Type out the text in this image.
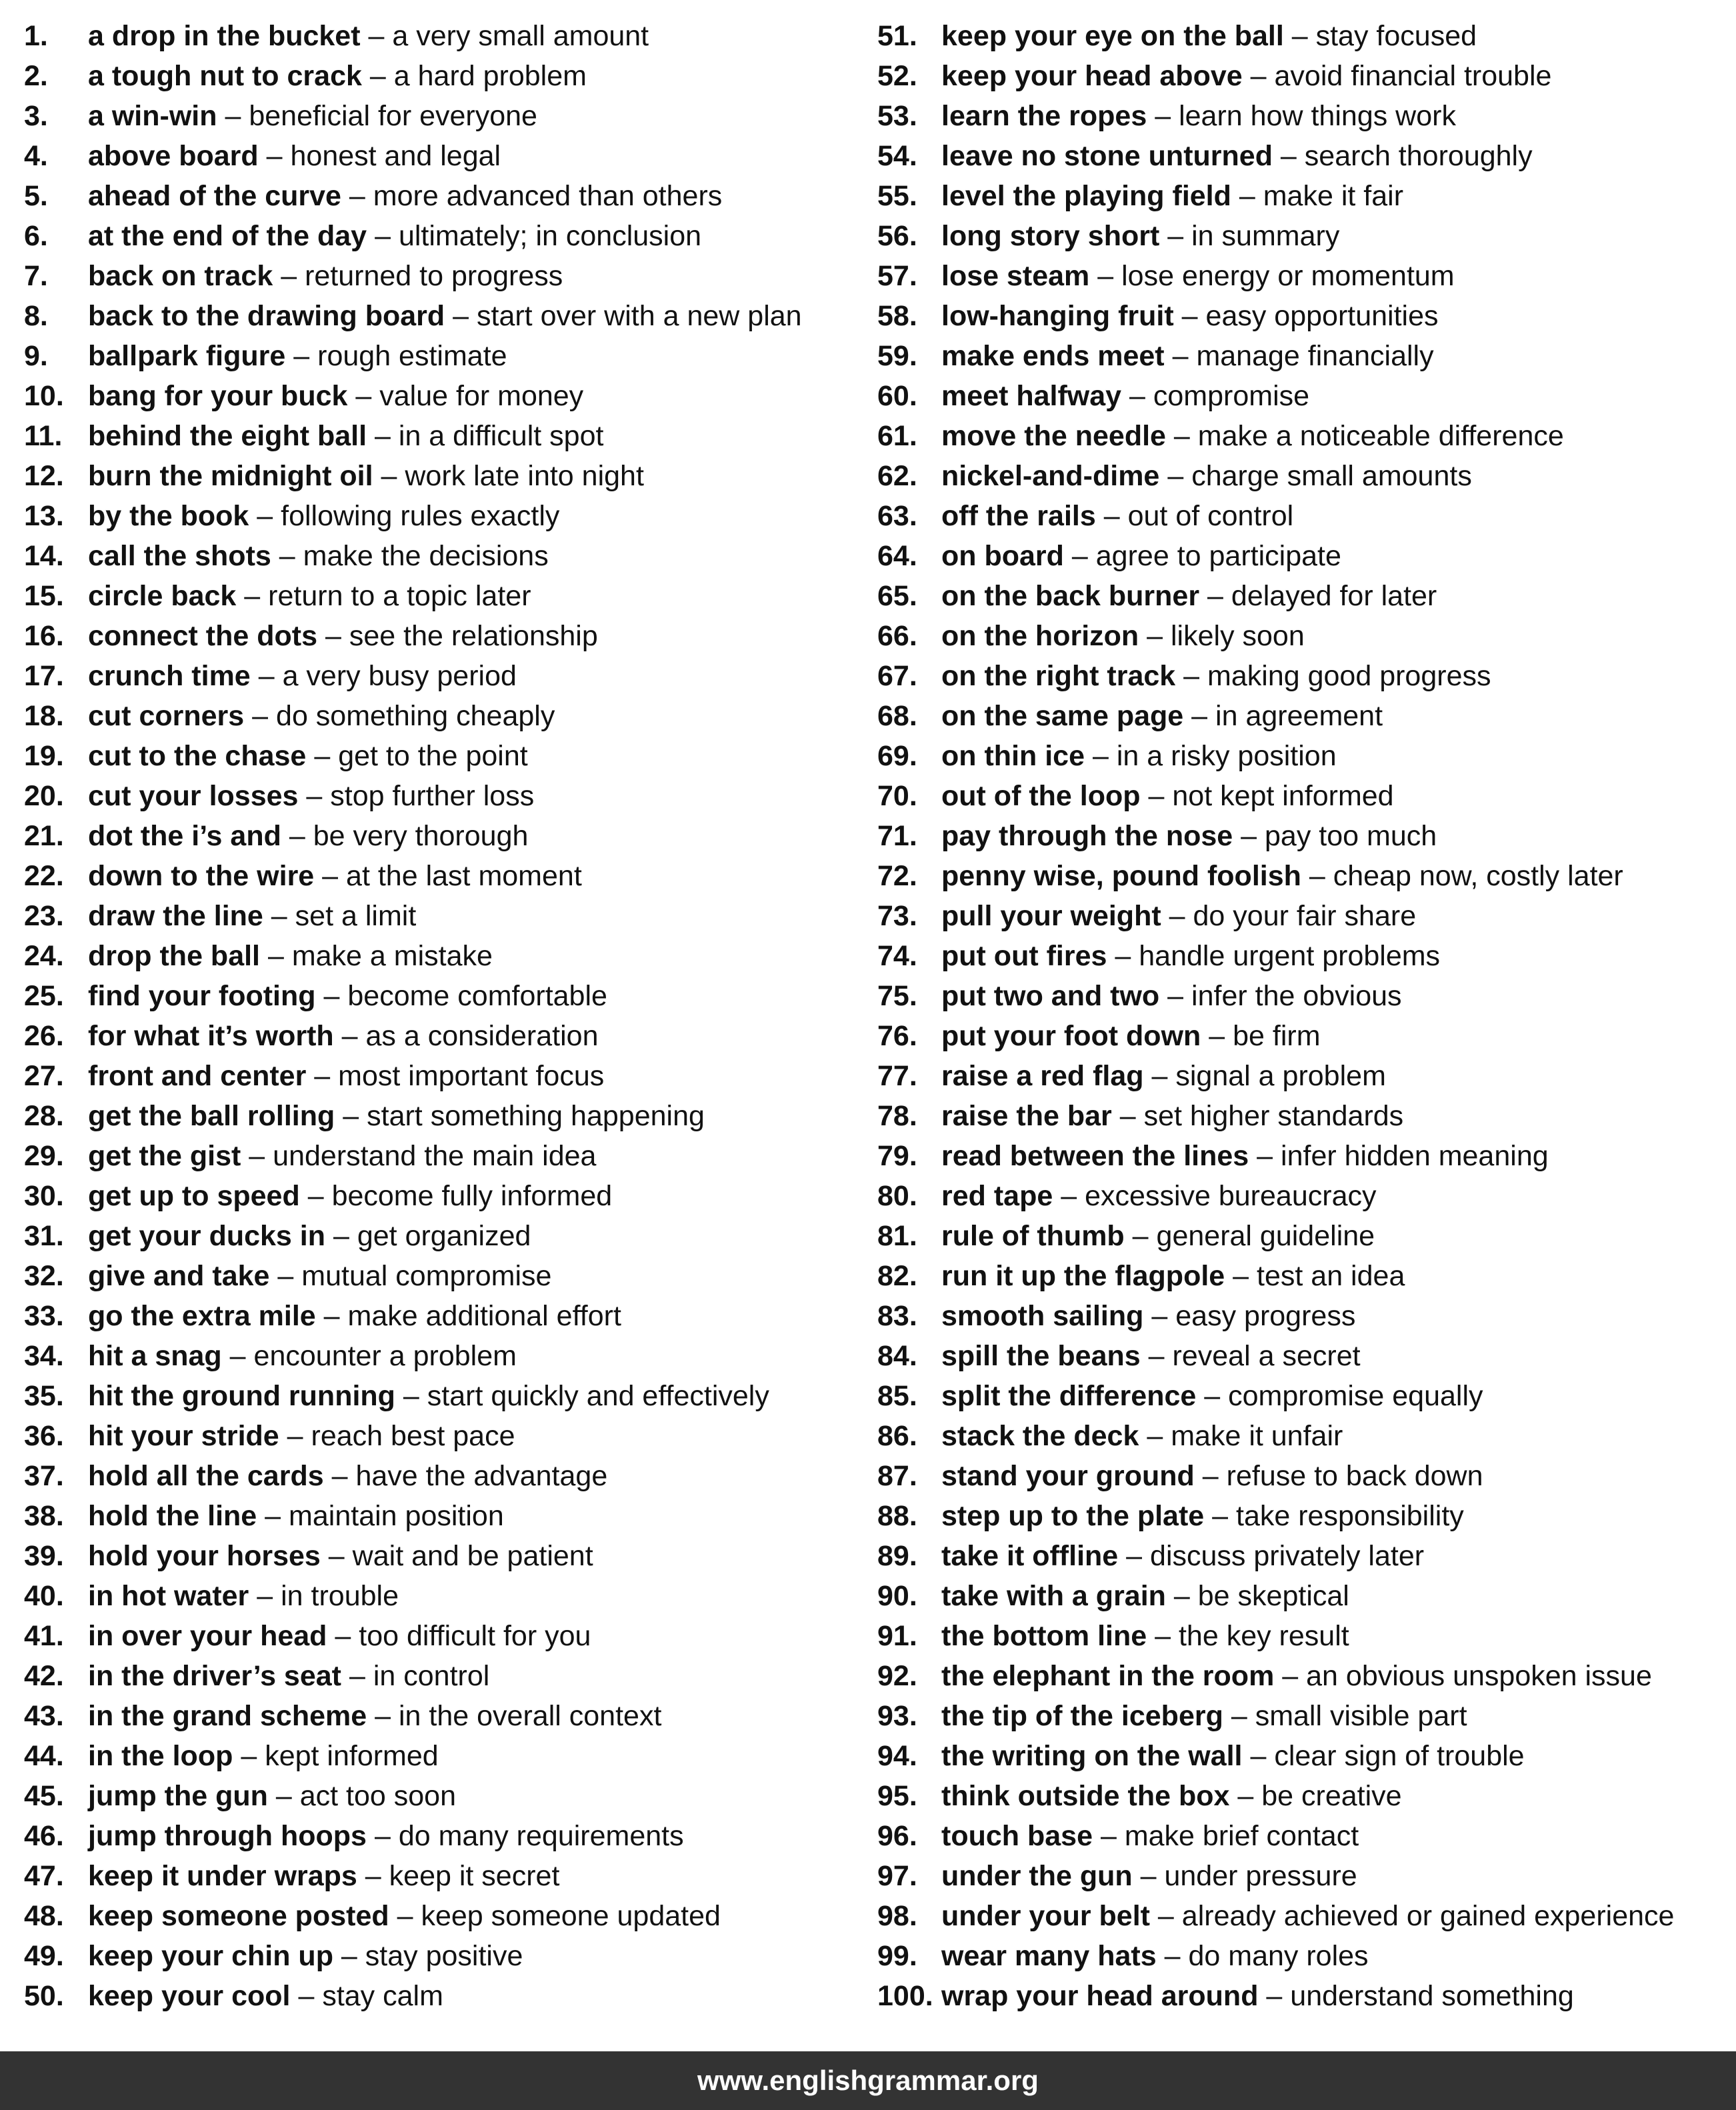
1.	a drop in the bucket
–
a very small amount
2.	a tough nut to crack
–
a hard problem
3.	a win-win
–
beneficial for everyone
4.	above board
–
honest and legal
5.	ahead of the curve
–
more advanced than others
6.	at the end of the day
–
ultimately; in conclusion
7.	back on track
–
returned to progress
8.	back to the drawing board
–
start over with a new plan
9.	ballpark figure
–
rough estimate
10. bang for your buck
–
value for money
11. behind the eight ball
–
in a difficult spot
12. burn the midnight oil
–
work late into night
13. by the book
–
following rules exactly
14. call the shots
–
make the decisions
15. circle back
–
return to a topic later
16. connect the dots
–
see the relationship
17. crunch time
–
a very busy period
18. cut corners
–
do something cheaply
19. cut to the chase
–
get to the point
20. cut your losses
–
stop further loss
21. dot the i’s and
–
be very thorough
22. down to the wire
–
at the last moment
23. draw the line
–
set a limit
24. drop the ball
–
make a mistake
25. find your footing
–
become comfortable
26. for what it’s worth
–
as a consideration
27. front and center
–
most important focus
28. get the ball rolling
–
start something happening
29. get the gist
–
understand the main idea
30. get up to speed
–
become fully informed
31. get your ducks in
–
get organized
32. give and take
–
mutual compromise
33. go the extra mile
–
make additional effort
34. hit a snag
–
encounter a problem
35. hit the ground running
–
start quickly and effectively
36. hit your stride
–
reach best pace
37. hold all the cards
–
have the advantage
38. hold the line
–
maintain position
39. hold your horses
–
wait and be patient
40. in hot water
–
in trouble
41. in over your head
–
too difficult for you
42. in the driver’s seat
–
in control
43. in the grand scheme
–
in the overall context
44. in the loop
–
kept informed
45. jump the gun
–
act too soon
46. jump through hoops
–
do many requirements
47. keep it under wraps
–
keep it secret
48. keep someone posted
–
keep someone updated
49. keep your chin up
–
stay positive
50. keep your cool
–
stay calm
51. keep your eye on the ball
–
stay focused
52. keep your head above
–
avoid financial trouble
53. learn the ropes
–
learn how things work
54. leave no stone unturned
–
search thoroughly
55. level the playing field
–
make it fair
56. long story short
–
in summary
57. lose steam
–
lose energy or momentum
58. low-hanging fruit
–
easy opportunities
59. make ends meet
–
manage financially
60. meet halfway
–
compromise
61. move the needle
–
make a noticeable difference
62. nickel-and-dime
–
charge small amounts
63. off the rails
–
out of control
64. on board
–
agree to participate
65. on the back burner
–
delayed for later
66. on the horizon
–
likely soon
67. on the right track
–
making good progress
68. on the same page
–
in agreement
69. on thin ice
–
in a risky position
70. out of the loop
–
not kept informed
71. pay through the nose
–
pay too much
72. penny wise, pound foolish
–
cheap now, costly later
73. pull your weight
–
do your fair share
74. put out fires
–
handle urgent problems
75. put two and two
–
infer the obvious
76. put your foot down
–
be firm
77. raise a red flag
–
signal a problem
78. raise the bar
–
set higher standards
79. read between the lines
–
infer hidden meaning
80. red tape
–
excessive bureaucracy
81. rule of thumb
–
general guideline
82. run it up the flagpole
–
test an idea
83. smooth sailing
–
easy progress
84. spill the beans
–
reveal a secret
85. split the difference
–
compromise equally
86. stack the deck
–
make it unfair
87. stand your ground
–
refuse to back down
88. step up to the plate
–
take responsibility
89. take it offline
–
discuss privately later
90. take with a grain
–
be skeptical
91. the bottom line
–
the key result
92. the elephant in the room
–
an obvious unspoken issue
93. the tip of the iceberg
–
small visible part
94. the writing on the wall
–
clear sign of trouble
95. think outside the box
–
be creative
96. touch base
–
make brief contact
97. under the gun
–
under pressure
98. under your belt
–
already achieved or gained experience
99. wear many hats
–
do many roles
100. wrap your head around
–
understand something
www.englishgrammar.org
